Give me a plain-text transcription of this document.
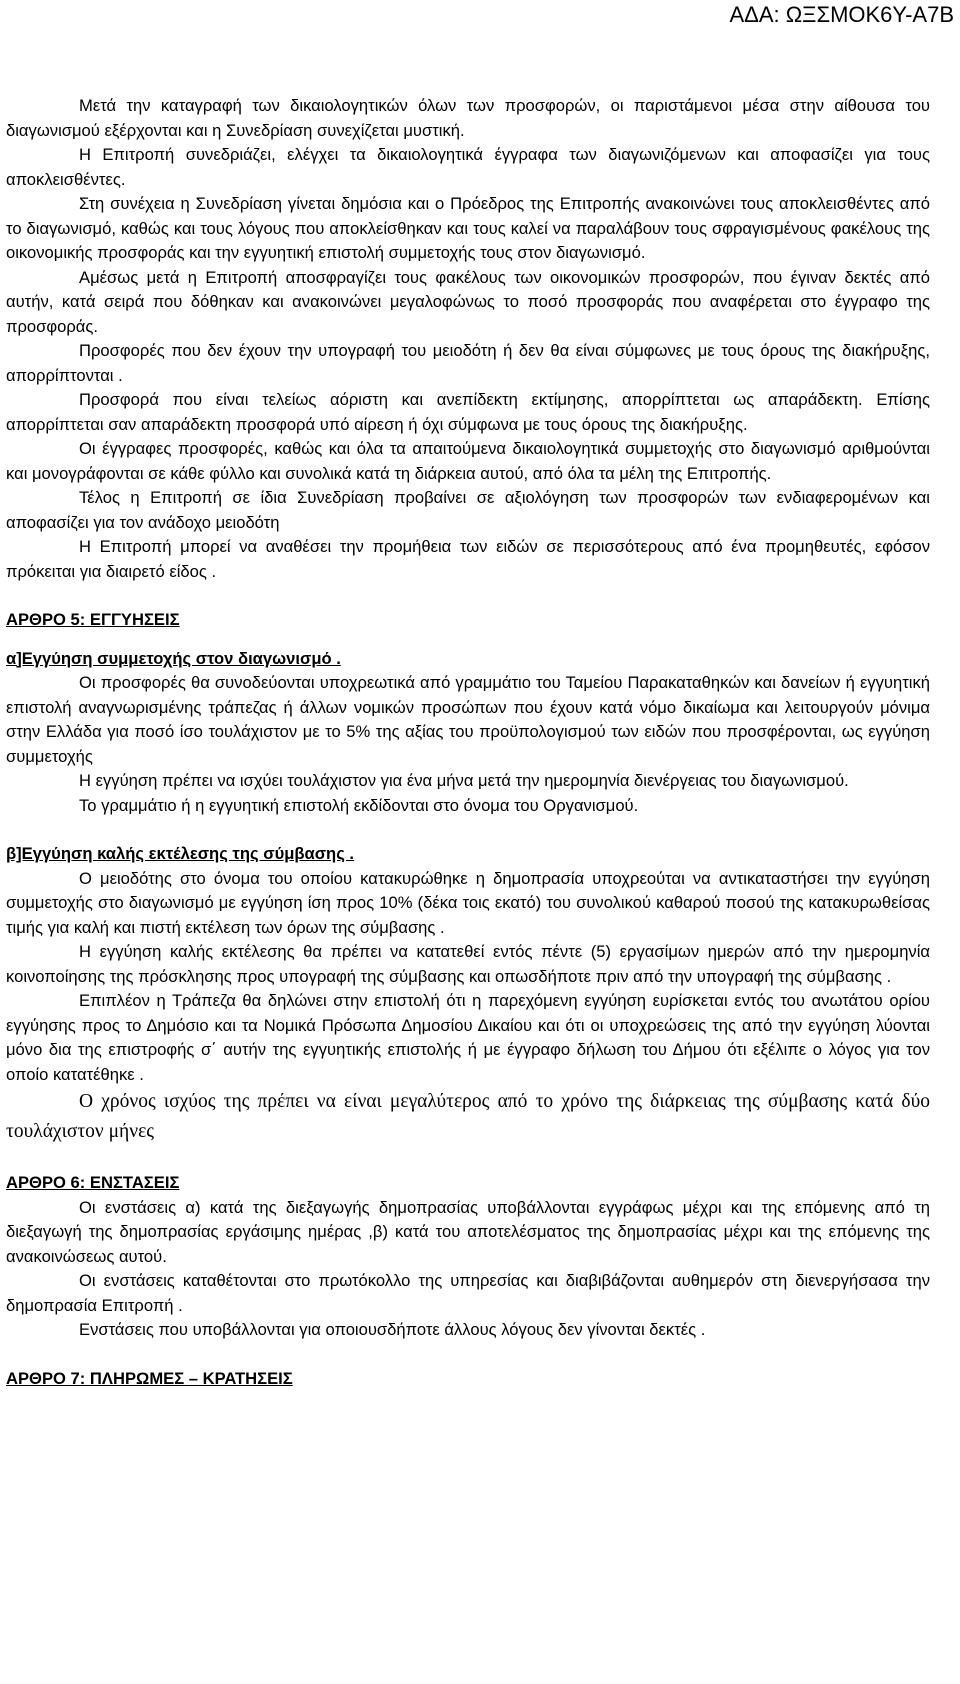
ΑΔΑ: ΩΞΣΜΟΚ6Υ-Α7Β

Μετά την καταγραφή των δικαιολογητικών όλων των προσφορών, οι παριστάμενοι μέσα στην αίθουσα του διαγωνισμού εξέρχονται και η Συνεδρίαση συνεχίζεται μυστική.

Η Επιτροπή συνεδριάζει, ελέγχει τα δικαιολογητικά έγγραφα των διαγωνιζόμενων και αποφασίζει για τους αποκλεισθέντες.

Στη συνέχεια η Συνεδρίαση γίνεται δημόσια και ο Πρόεδρος της Επιτροπής ανακοινώνει τους αποκλεισθέντες από το διαγωνισμό, καθώς και τους λόγους που αποκλείσθηκαν και τους καλεί να παραλάβουν τους σφραγισμένους φακέλους της οικονομικής προσφοράς και την εγγυητική επιστολή συμμετοχής τους στον διαγωνισμό.

Αμέσως μετά η Επιτροπή αποσφραγίζει τους φακέλους των οικονομικών προσφορών, που έγιναν δεκτές από αυτήν, κατά σειρά που δόθηκαν και ανακοινώνει μεγαλοφώνως το ποσό προσφοράς που αναφέρεται στο έγγραφο της προσφοράς.

Προσφορές που δεν έχουν την υπογραφή του μειοδότη ή δεν θα είναι σύμφωνες με τους όρους της διακήρυξης, απορρίπτονται .

Προσφορά που είναι τελείως αόριστη και ανεπίδεκτη εκτίμησης, απορρίπτεται ως απαράδεκτη. Επίσης απορρίπτεται σαν απαράδεκτη προσφορά υπό αίρεση ή όχι σύμφωνα με τους όρους της διακήρυξης.

Οι έγγραφες προσφορές, καθώς και όλα τα απαιτούμενα δικαιολογητικά συμμετοχής στο διαγωνισμό αριθμούνται και μονογράφονται σε κάθε φύλλο και συνολικά κατά τη διάρκεια αυτού, από όλα τα μέλη της Επιτροπής.

Τέλος η Επιτροπή σε ίδια Συνεδρίαση προβαίνει σε αξιολόγηση των προσφορών των ενδιαφερομένων και αποφασίζει για τον ανάδοχο μειοδότη

Η Επιτροπή μπορεί να αναθέσει την προμήθεια των ειδών σε περισσότερους από ένα προμηθευτές, εφόσον πρόκειται για διαιρετό είδος .

ΑΡΘΡΟ 5: ΕΓΓΥΗΣΕΙΣ

α]Εγγύηση συμμετοχής στον διαγωνισμό .

Οι προσφορές θα συνοδεύονται υποχρεωτικά από γραμμάτιο του Ταμείου Παρακαταθηκών και δανείων ή εγγυητική επιστολή αναγνωρισμένης τράπεζας ή άλλων νομικών προσώπων που έχουν κατά νόμο δικαίωμα και λειτουργούν μόνιμα στην Ελλάδα για ποσό ίσο τουλάχιστον με το 5% της αξίας του προϋπολογισμού των ειδών που προσφέρονται, ως εγγύηση συμμετοχής

Η εγγύηση πρέπει να ισχύει τουλάχιστον για ένα μήνα μετά την ημερομηνία διενέργειας του διαγωνισμού.

Το γραμμάτιο ή η εγγυητική επιστολή εκδίδονται στο όνομα του Οργανισμού.

β]Εγγύηση καλής εκτέλεσης της σύμβασης .

Ο μειοδότης στο όνομα του οποίου κατακυρώθηκε η δημοπρασία υποχρεούται να αντικαταστήσει την εγγύηση συμμετοχής στο διαγωνισμό με εγγύηση ίση προς 10% (δέκα τοις εκατό) του συνολικού καθαρού ποσού της κατακυρωθείσας τιμής για καλή και πιστή εκτέλεση των όρων της σύμβασης .

Η εγγύηση καλής εκτέλεσης θα πρέπει να κατατεθεί εντός πέντε (5) εργασίμων ημερών από την ημερομηνία κοινοποίησης της πρόσκλησης προς υπογραφή της σύμβασης και οπωσδήποτε πριν από την υπογραφή της σύμβασης .

Επιπλέον η Τράπεζα θα δηλώνει στην επιστολή ότι η παρεχόμενη εγγύηση ευρίσκεται εντός του ανωτάτου ορίου εγγύησης προς το Δημόσιο και τα Νομικά Πρόσωπα Δημοσίου Δικαίου και ότι οι υποχρεώσεις της από την εγγύηση λύονται μόνο δια της επιστροφής σ΄ αυτήν της εγγυητικής επιστολής ή με έγγραφο δήλωση του Δήμου ότι εξέλιπε ο λόγος για τον οποίο κατατέθηκε .

Ο χρόνος ισχύος της πρέπει να είναι μεγαλύτερος από το χρόνο της διάρκειας της σύμβασης κατά δύο τουλάχιστον μήνες

ΑΡΘΡΟ 6: ΕΝΣΤΑΣΕΙΣ

Οι ενστάσεις α) κατά της διεξαγωγής δημοπρασίας υποβάλλονται εγγράφως μέχρι και της επόμενης από τη διεξαγωγή της δημοπρασίας εργάσιμης ημέρας ,β) κατά του αποτελέσματος της δημοπρασίας μέχρι και της επόμενης της ανακοινώσεως αυτού.

Οι ενστάσεις καταθέτονται στο πρωτόκολλο της υπηρεσίας και διαβιβάζονται αυθημερόν στη διενεργήσασα την δημοπρασία Επιτροπή .

Ενστάσεις που υποβάλλονται για οποιουσδήποτε άλλους λόγους δεν γίνονται δεκτές .

ΑΡΘΡΟ 7: ΠΛΗΡΩΜΕΣ – ΚΡΑΤΗΣΕΙΣ
